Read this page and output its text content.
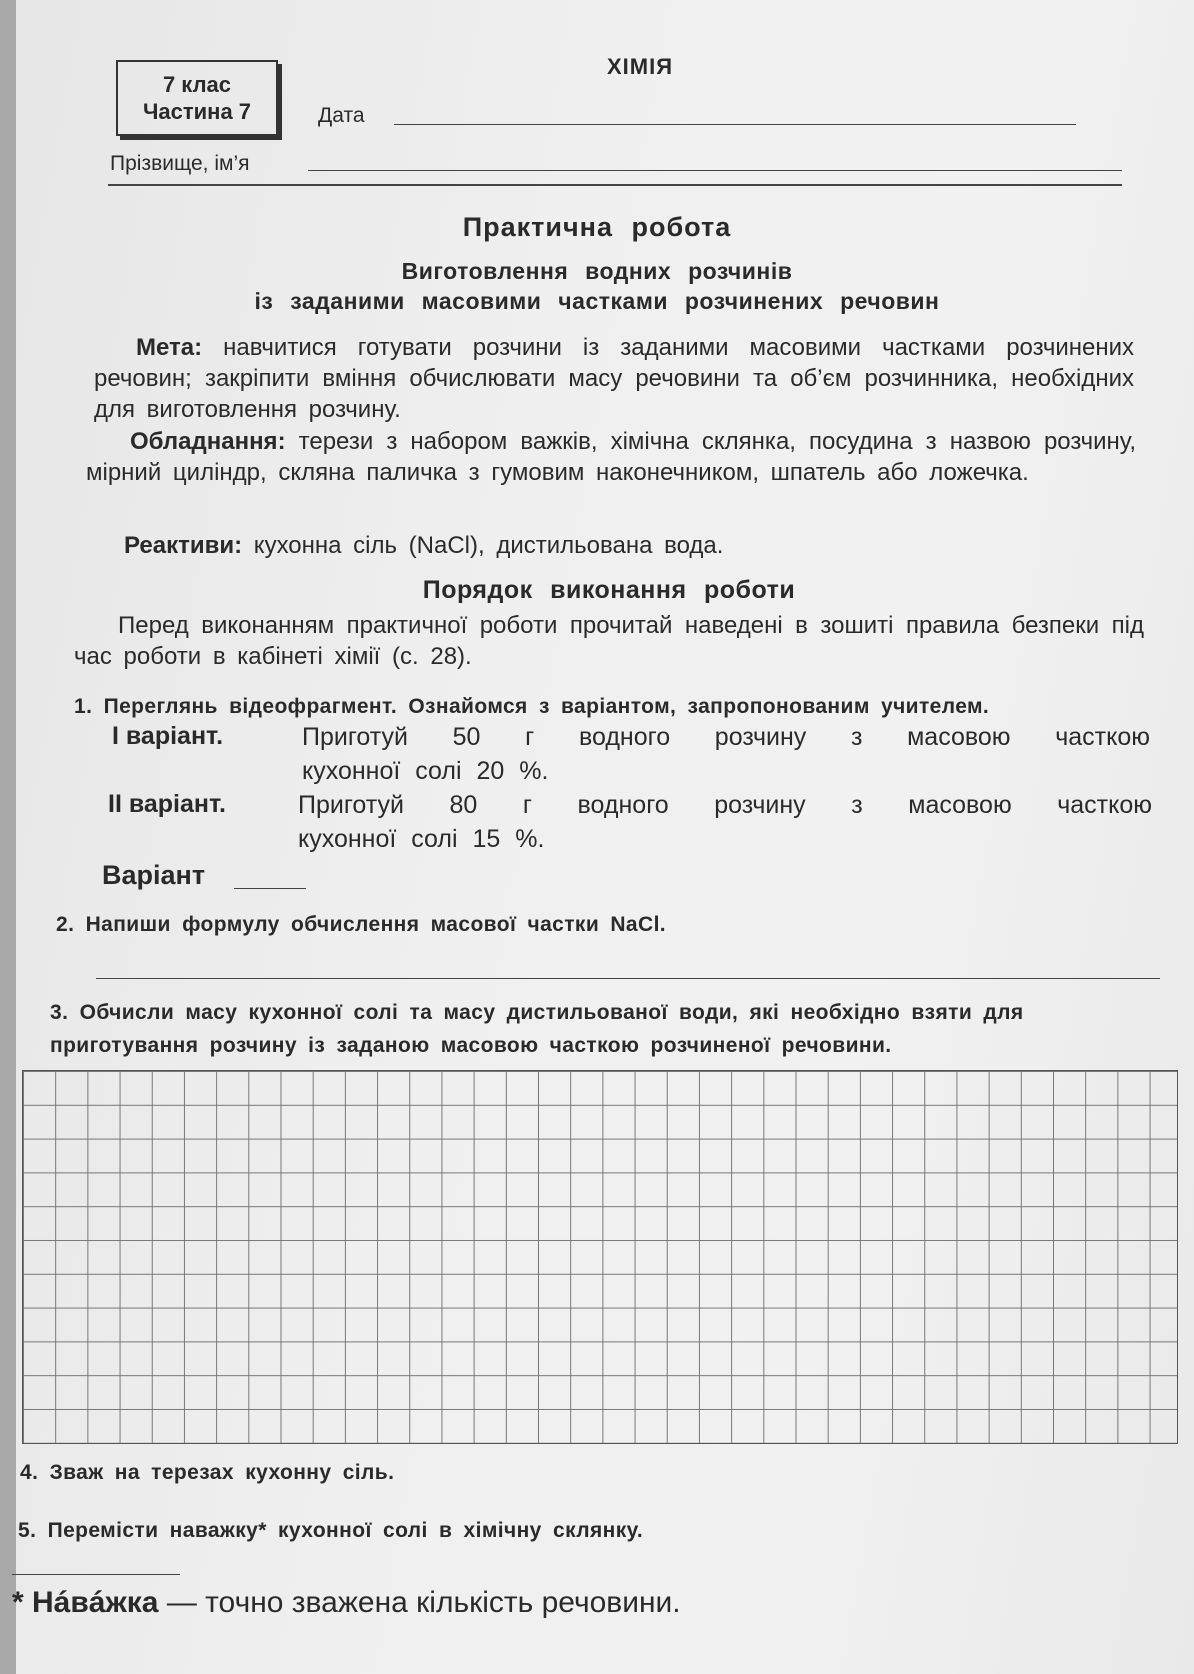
7 клас
Частина 7
ХІМІЯ
Дата
Прізвище, ім’я
Практична робота
Виготовлення водних розчинів
із заданими масовими частками розчинених речовин
Мета: навчитися готувати розчини із заданими масовими частками розчинених речовин; закріпити вміння обчислювати масу речовини та об’єм розчинника, необхідних для виготовлення розчину.
Обладнання: терези з набором важків, хімічна склянка, посудина з назвою розчину, мірний циліндр, скляна паличка з гумовим наконечником, шпатель або ложечка.
Реактиви: кухонна сіль (NaCl), дистильована вода.
Порядок виконання роботи
Перед виконанням практичної роботи прочитай наведені в зошиті правила безпеки під час роботи в кабінеті хімії (с. 28).
1. Переглянь відеофрагмент. Ознайомся з варіантом, запропонованим учителем.
І варіант.	Приготуй 50 г водного розчину з масовою часткою
кухонної солі 20 %.
ІІ варіант.	Приготуй 80 г водного розчину з масовою часткою
кухонної солі 15 %.
Варіант
2. Напиши формулу обчислення масової частки NaCl.
3. Обчисли масу кухонної солі та масу дистильованої води, які необхідно взяти для приготування розчину із заданою масовою часткою розчиненої речовини.
4. Зваж на терезах кухонну сіль.
5. Перемісти наважку* кухонної солі в хімічну склянку.
* Нáвáжка — точно зважена кількість речовини.
